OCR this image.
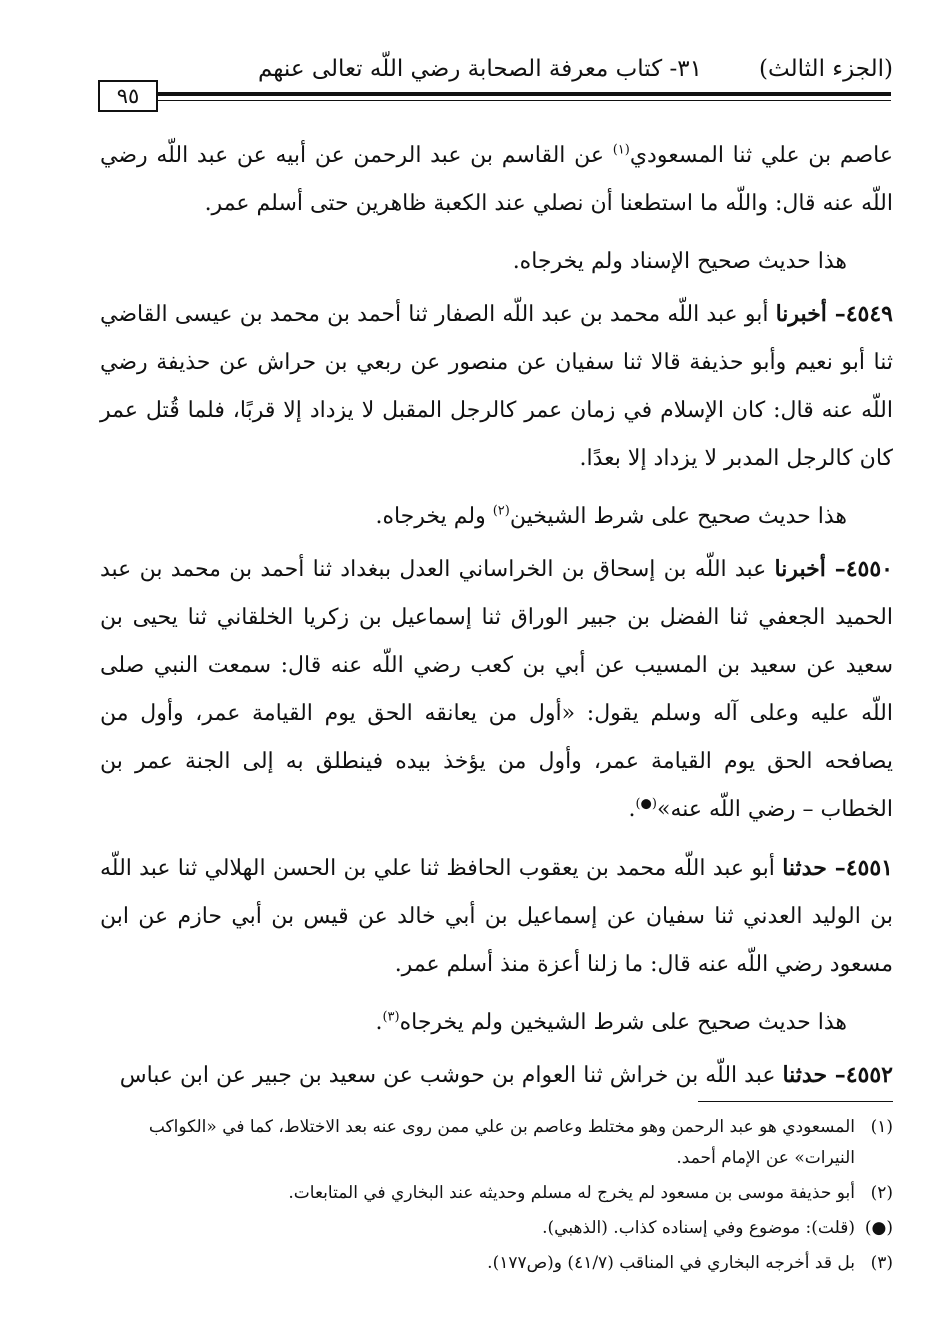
(الجزء الثالث)
٣١- كتاب معرفة الصحابة رضي اللّه تعالى عنهم
٩٥

عاصم بن علي ثنا المسعودي$^{(١)}$ عن القاسم بن عبد الرحمن عن أبيه عن عبد اللّه رضي اللّه عنه قال: واللّه ما استطعنا أن نصلي عند الكعبة ظاهرين حتى أسلم عمر.

هذا حديث صحيح الإسناد ولم يخرجاه.

٤٥٤٩– أخبرنا أبو عبد اللّه محمد بن عبد اللّه الصفار ثنا أحمد بن محمد بن عيسى القاضي ثنا أبو نعيم وأبو حذيفة قالا ثنا سفيان عن منصور عن ربعي بن حراش عن حذيفة رضي اللّه عنه قال: كان الإسلام في زمان عمر كالرجل المقبل لا يزداد إلا قربًا، فلما قُتل عمر كان كالرجل المدبر لا يزداد إلا بعدًا.

هذا حديث صحيح على شرط الشيخين$^{(٢)}$ ولم يخرجاه.

٤٥٥٠– أخبرنا عبد اللّه بن إسحاق بن الخراساني العدل ببغداد ثنا أحمد بن محمد بن عبد الحميد الجعفي ثنا الفضل بن جبير الوراق ثنا إسماعيل بن زكريا الخلقاني ثنا يحيى بن سعيد عن سعيد بن المسيب عن أبي بن كعب رضي اللّه عنه قال: سمعت النبي صلى اللّه عليه وعلى آله وسلم يقول: «أول من يعانقه الحق يوم القيامة عمر، وأول من يصافحه الحق يوم القيامة عمر، وأول من يؤخذ بيده فينطلق به إلى الجنة عمر بن الخطاب – رضي اللّه عنه»(●).

٤٥٥١– حدثنا أبو عبد اللّه محمد بن يعقوب الحافظ ثنا علي بن الحسن الهلالي ثنا عبد اللّه بن الوليد العدني ثنا سفيان عن إسماعيل بن أبي خالد عن قيس بن أبي حازم عن ابن مسعود رضي اللّه عنه قال: ما زلنا أعزة منذ أسلم عمر.

هذا حديث صحيح على شرط الشيخين ولم يخرجاه$^{(٣)}$.

٤٥٥٢– حدثنا عبد اللّه بن خراش ثنا العوام بن حوشب عن سعيد بن جبير عن ابن عباس

(١)
المسعودي هو عبد الرحمن وهو مختلط وعاصم بن علي ممن روى عنه بعد الاختلاط، كما في «الكواكب النيرات» عن الإمام أحمد.
(٢)
أبو حذيفة موسى بن مسعود لم يخرج له مسلم وحديثه عند البخاري في المتابعات.
(●)
(قلت): موضوع وفي إسناده كذاب. (الذهبي).
(٣)
بل قد أخرجه البخاري في المناقب (٤١/٧) و(ص١٧٧).
